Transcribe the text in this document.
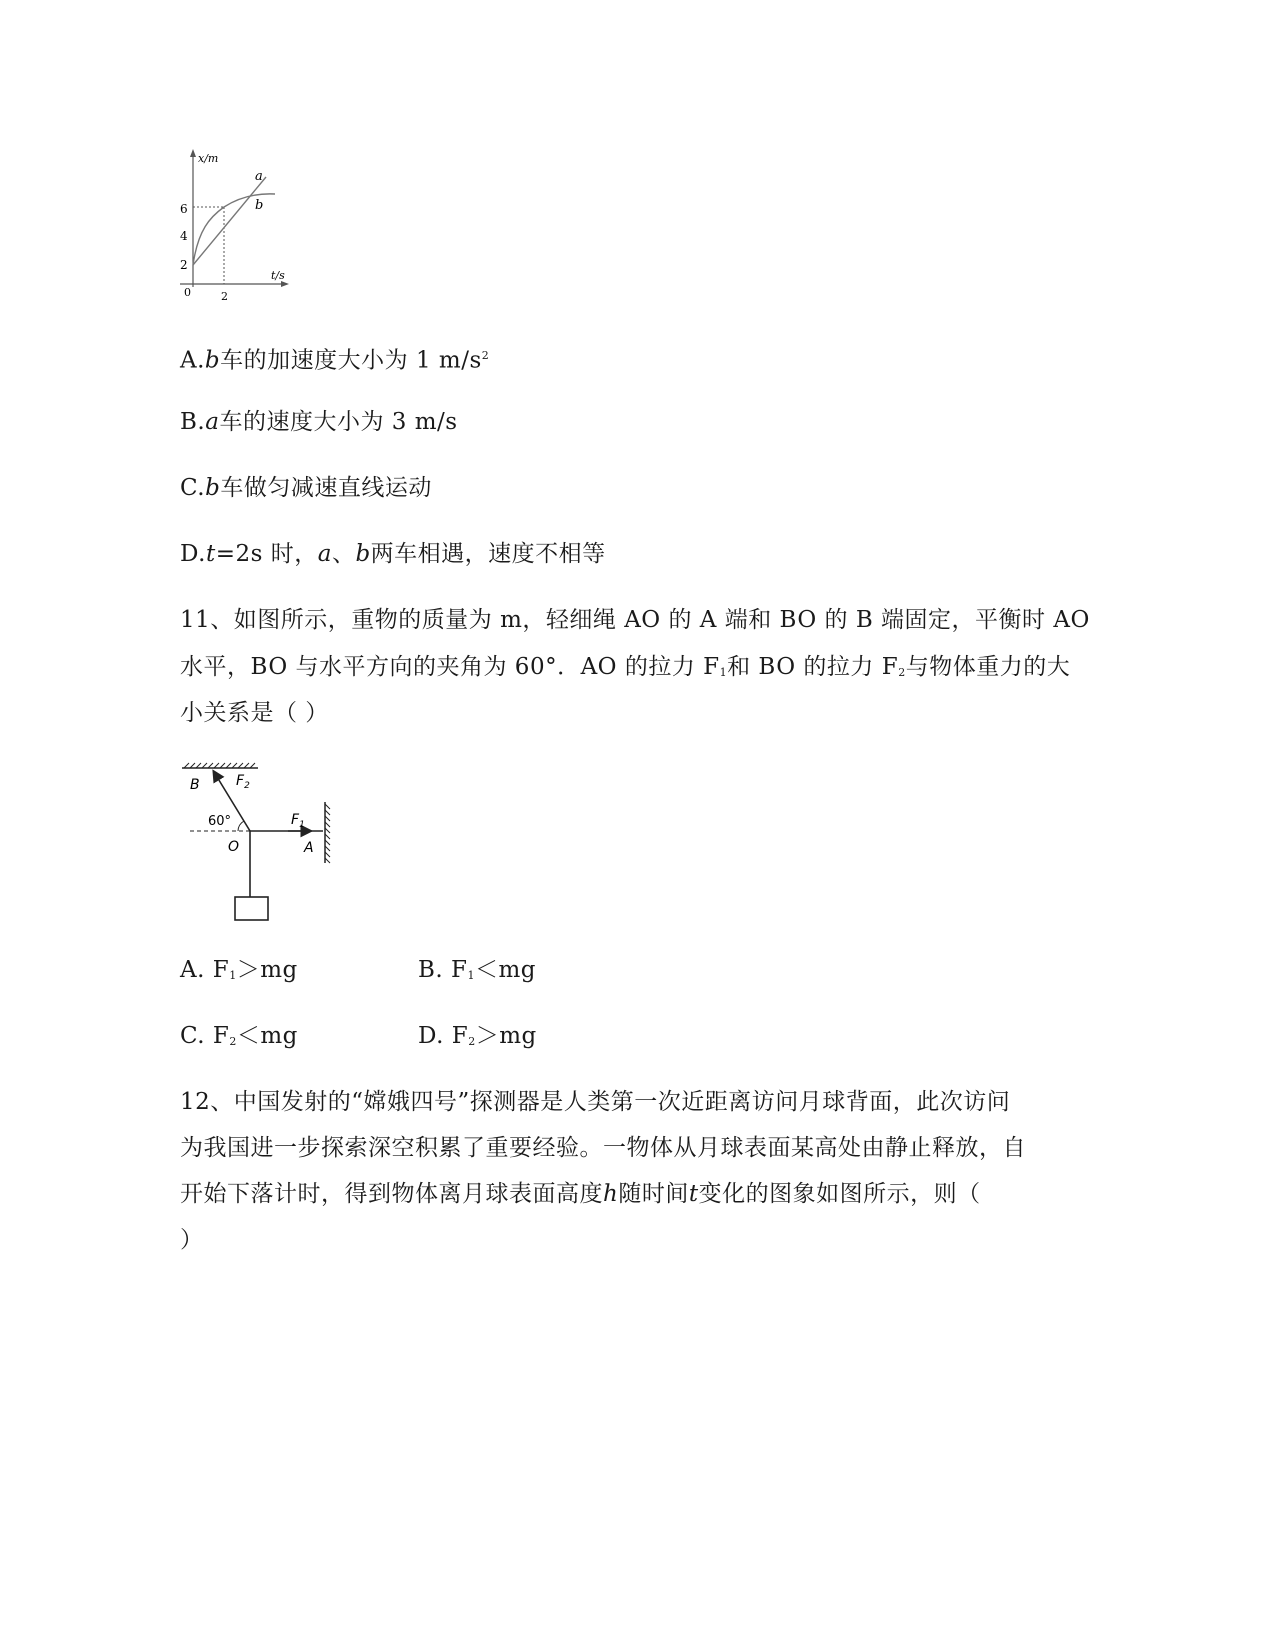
x/m
a
b
6
4
2
0	2
t/s
A.b车的加速度大小为 1 $m/s^2$
B.a车的速度大小为 3 m/s
C.b车做匀减速直线运动
D.t=2s 时，a、b两车相遇，速度不相等
11、如图所示，重物的质量为 m，轻细绳 AO 的 A 端和 BO 的 B 端固定，平衡时 AO
水平，BO 与水平方向的夹角为 60°．AO 的拉力 $F_1$和 BO 的拉力 $F_2$与物体重力的大
小关系是（ ）
B	$F_2$
60°	$F_1$
O	A
A. $F_1>mg$	B. $F_1<mg$
C. $F_2<mg$	D. $F_2>mg$
12、中国发射的“嫦娥四号”探测器是人类第一次近距离访问月球背面，此次访问
为我国进一步探索深空积累了重要经验。一物体从月球表面某高处由静止释放，自
开始下落计时，得到物体离月球表面高度h随时间t变化的图象如图所示，则（
）
